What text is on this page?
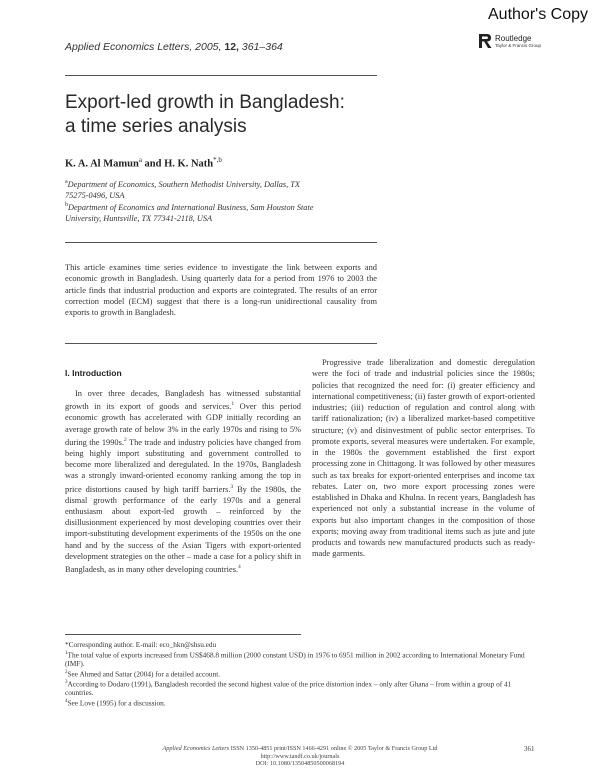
Author's Copy
Routledge
Taylor & Francis Group
Applied Economics Letters, 2005, 12, 361–364
Export-led growth in Bangladesh:
a time series analysis
K. A. Al Mamun$^a$ and H. K. Nath$^{*,b}$
$^a$Department of Economics, Southern Methodist University, Dallas, TX
75275-0496, USA
$^b$Department of Economics and International Business, Sam Houston State
University, Huntsville, TX 77341-2118, USA
This article examines time series evidence to investigate the link between exports and economic growth in Bangladesh. Using quarterly data for a period from 1976 to 2003 the article finds that industrial production and exports are cointegrated. The results of an error correction model (ECM) suggest that there is a long-run unidirectional causality from exports to growth in Bangladesh.
I. Introduction
In over three decades, Bangladesh has witnessed substantial growth in its export of goods and services.$^1$ Over this period economic growth has accelerated with GDP initially recording an average growth rate of below 3% in the early 1970s and rising to 5% during the 1990s.$^2$ The trade and industry policies have changed from being highly import substituting and government controlled to become more liberalized and deregulated. In the 1970s, Bangladesh was a strongly inward-oriented economy ranking among the top in price distortions caused by high tariff barriers.$^3$ By the 1980s, the dismal growth performance of the early 1970s and a general enthusiasm about export-led growth – reinforced by the disillusionment experienced by most developing countries over their import-substituting development experiments of the 1950s on the one hand and by the success of the Asian Tigers with export-oriented development strategies on the other – made a case for a policy shift in Bangladesh, as in many other developing countries.$^4$
Progressive trade liberalization and domestic deregulation were the foci of trade and industrial policies since the 1980s; policies that recognized the need for: (i) greater efficiency and international competitiveness; (ii) faster growth of export-oriented industries; (iii) reduction of regulation and control along with tariff rationalization; (iv) a liberalized market-based competitive structure; (v) and disinvestment of public sector enterprises. To promote exports, several measures were undertaken. For example, in the 1980s the government established the first export processing zone in Chittagong. It was followed by other measures such as tax breaks for export-oriented enterprises and income tax rebates. Later on, two more export processing zones were established in Dhaka and Khulna. In recent years, Bangladesh has experienced not only a substantial increase in the volume of exports but also important changes in the composition of those exports; moving away from traditional items such as jute and jute products and towards new manufactured products such as ready-made garments.
*Corresponding author. E-mail: eco_hkn@shsu.edu
$^1$The total value of exports increased from US$468.8 million (2000 constant USD) in 1976 to 6951 million in 2002 according to International Monetary Fund (IMF).
$^2$See Ahmed and Sattar (2004) for a detailed account.
$^3$According to Dodaro (1991), Bangladesh recorded the second highest value of the price distortion index – only after Ghana – from within a group of 41 countries.
$^4$See Love (1995) for a discussion.
Applied Economics Letters ISSN 1350-4851 print/ISSN 1466-4291 online © 2005 Taylor & Francis Group Ltd
http://www.tandf.co.uk/journals
DOI: 10.1080/13504850500068194
361
